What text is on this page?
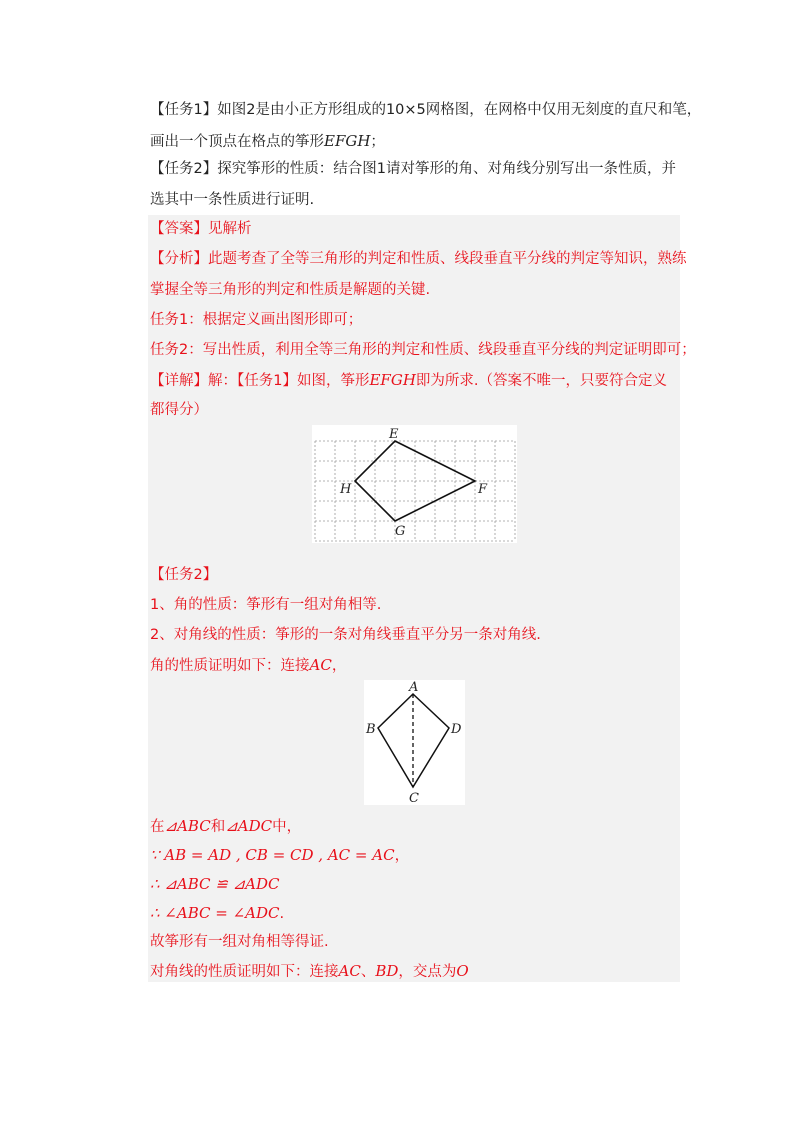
【任务1】如图2是由小正方形组成的10×5网格图，在网格中仅用无刻度的直尺和笔，
画出一个顶点在格点的筝形EFGH；
【任务2】探究筝形的性质：结合图1请对筝形的角、对角线分别写出一条性质，并
选其中一条性质进行证明.
【答案】见解析
【分析】此题考查了全等三角形的判定和性质、线段垂直平分线的判定等知识，熟练
掌握全等三角形的判定和性质是解题的关键.
任务1：根据定义画出图形即可；
任务2：写出性质，利用全等三角形的判定和性质、线段垂直平分线的判定证明即可；
【详解】解：【任务1】如图，筝形EFGH即为所求.（答案不唯一，只要符合定义
都得分）
E
F
G
H
【任务2】
1、角的性质：筝形有一组对角相等.
2、对角线的性质：筝形的一条对角线垂直平分另一条对角线.
角的性质证明如下：连接AC，
A
B
C
D
在⊿ABC和⊿ADC中，
∵ AB = AD , CB = CD , AC = AC，
∴ ⊿ABC ≌ ⊿ADC
∴ ∠ABC = ∠ADC.
故筝形有一组对角相等得证.
对角线的性质证明如下：连接AC、BD，交点为O
